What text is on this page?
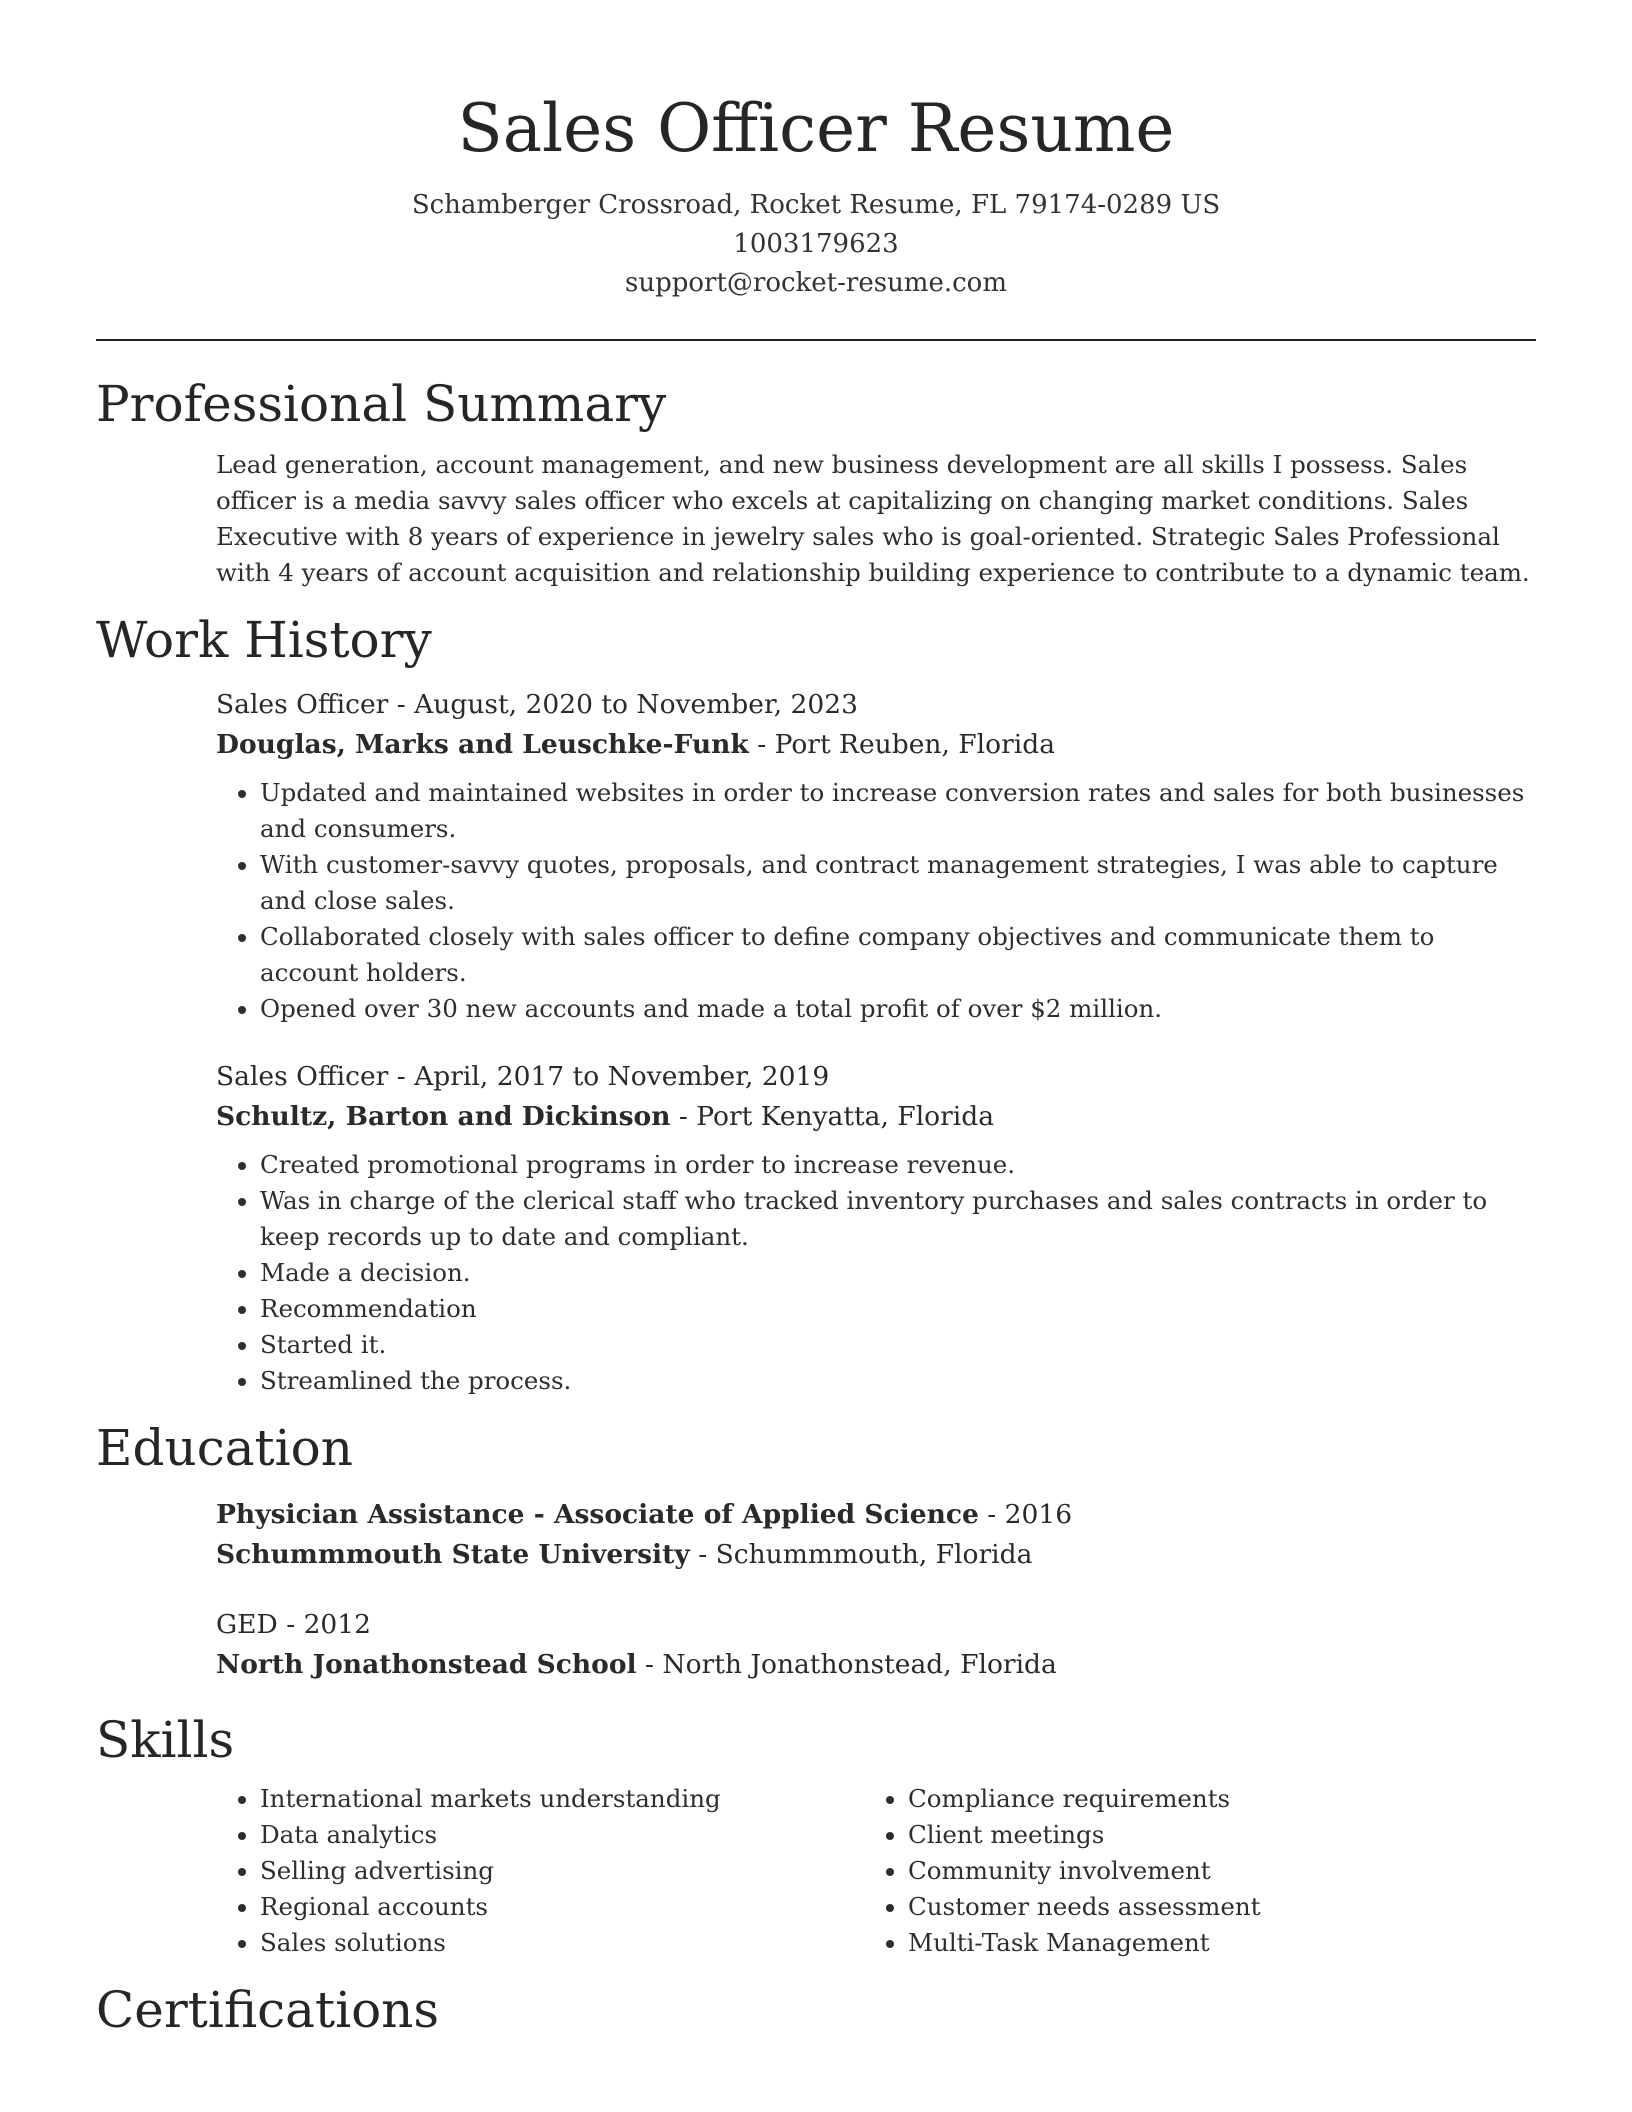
Sales Officer Resume
Schamberger Crossroad, Rocket Resume, FL 79174-0289 US
1003179623
support@rocket-resume.com
Professional Summary

Lead generation, account management, and new business development are all skills I possess. Sales officer is a media savvy sales officer who excels at capitalizing on changing market conditions. Sales Executive with 8 years of experience in jewelry sales who is goal-oriented. Strategic Sales Professional with 4 years of account acquisition and relationship building experience to contribute to a dynamic team.

Work History
Sales Officer - August, 2020 to November, 2023
Douglas, Marks and Leuschke-Funk - Port Reuben, Florida
• Updated and maintained websites in order to increase conversion rates and sales for both businesses and consumers.
• With customer-savvy quotes, proposals, and contract management strategies, I was able to capture and close sales.
• Collaborated closely with sales officer to define company objectives and communicate them to account holders.
• Opened over 30 new accounts and made a total profit of over $2 million.
Sales Officer - April, 2017 to November, 2019
Schultz, Barton and Dickinson - Port Kenyatta, Florida
• Created promotional programs in order to increase revenue.
• Was in charge of the clerical staff who tracked inventory purchases and sales contracts in order to keep records up to date and compliant.
• Made a decision.
• Recommendation
• Started it.
• Streamlined the process.
Education
Physician Assistance - Associate of Applied Science - 2016
Schummmouth State University - Schummmouth, Florida
GED - 2012
North Jonathonstead School - North Jonathonstead, Florida
Skills
• International markets understanding
• Data analytics
• Selling advertising
• Regional accounts
• Sales solutions
• Compliance requirements
• Client meetings
• Community involvement
• Customer needs assessment
• Multi-Task Management
Certifications
